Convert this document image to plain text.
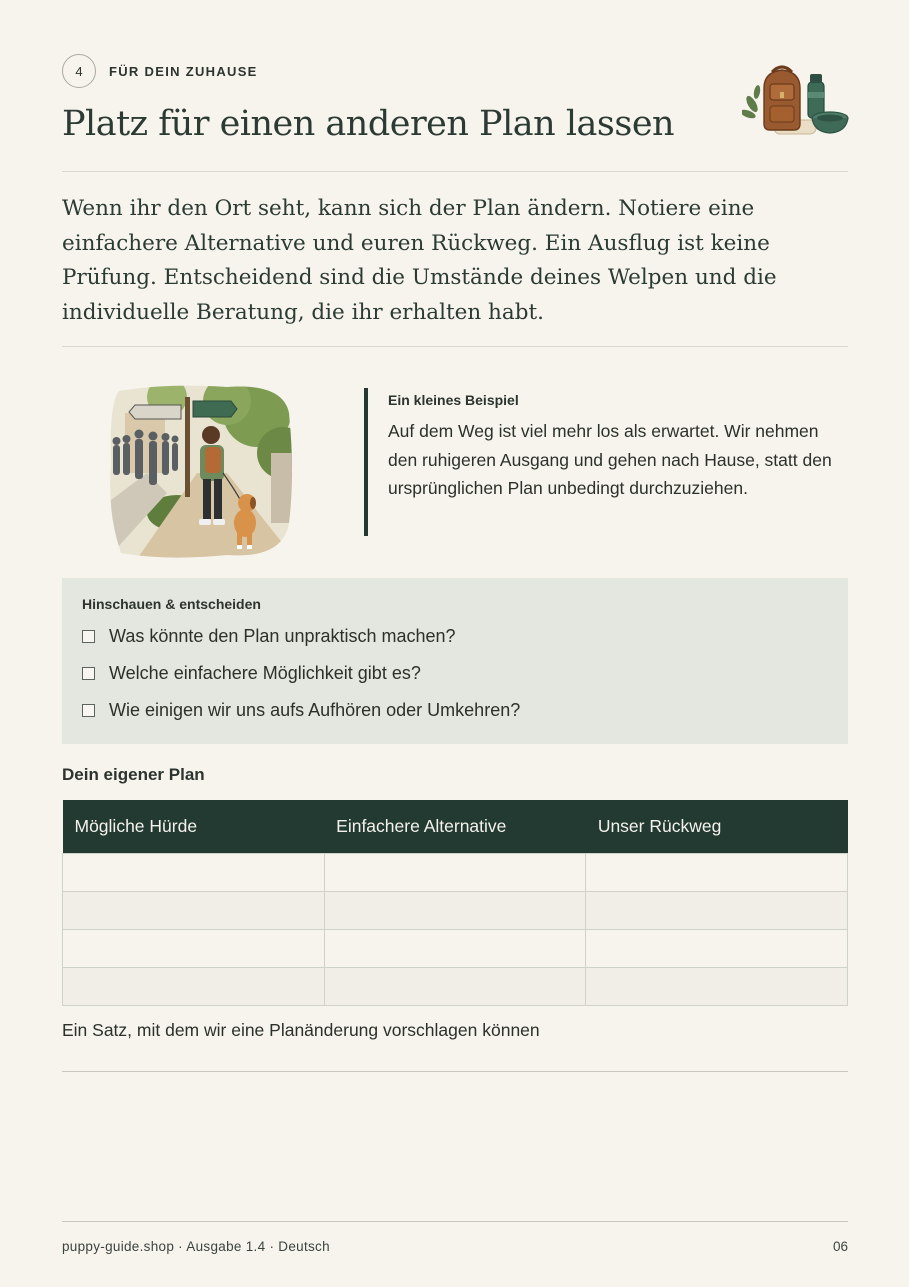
4	FÜR DEIN ZUHAUSE
Platz für einen anderen Plan lassen

Wenn ihr den Ort seht, kann sich der Plan ändern. Notiere eine einfachere Alternative und euren Rückweg. Ein Ausflug ist keine Prüfung. Entscheidend sind die Umstände deines Welpen und die individuelle Beratung, die ihr erhalten habt.

Ein kleines Beispiel

Auf dem Weg ist viel mehr los als erwartet. Wir nehmen den ruhigeren Ausgang und gehen nach Hause, statt den ursprünglichen Plan unbedingt durchzuziehen.

Hinschauen & entscheiden
Was könnte den Plan unpraktisch machen?
Welche einfachere Möglichkeit gibt es?
Wie einigen wir uns aufs Aufhören oder Umkehren?
Dein eigener Plan
Mögliche Hürde	Einfachere Alternative	Unser Rückweg

Ein Satz, mit dem wir eine Planänderung vorschlagen können
puppy-guide.shop · Ausgabe 1.4 · Deutsch	06
